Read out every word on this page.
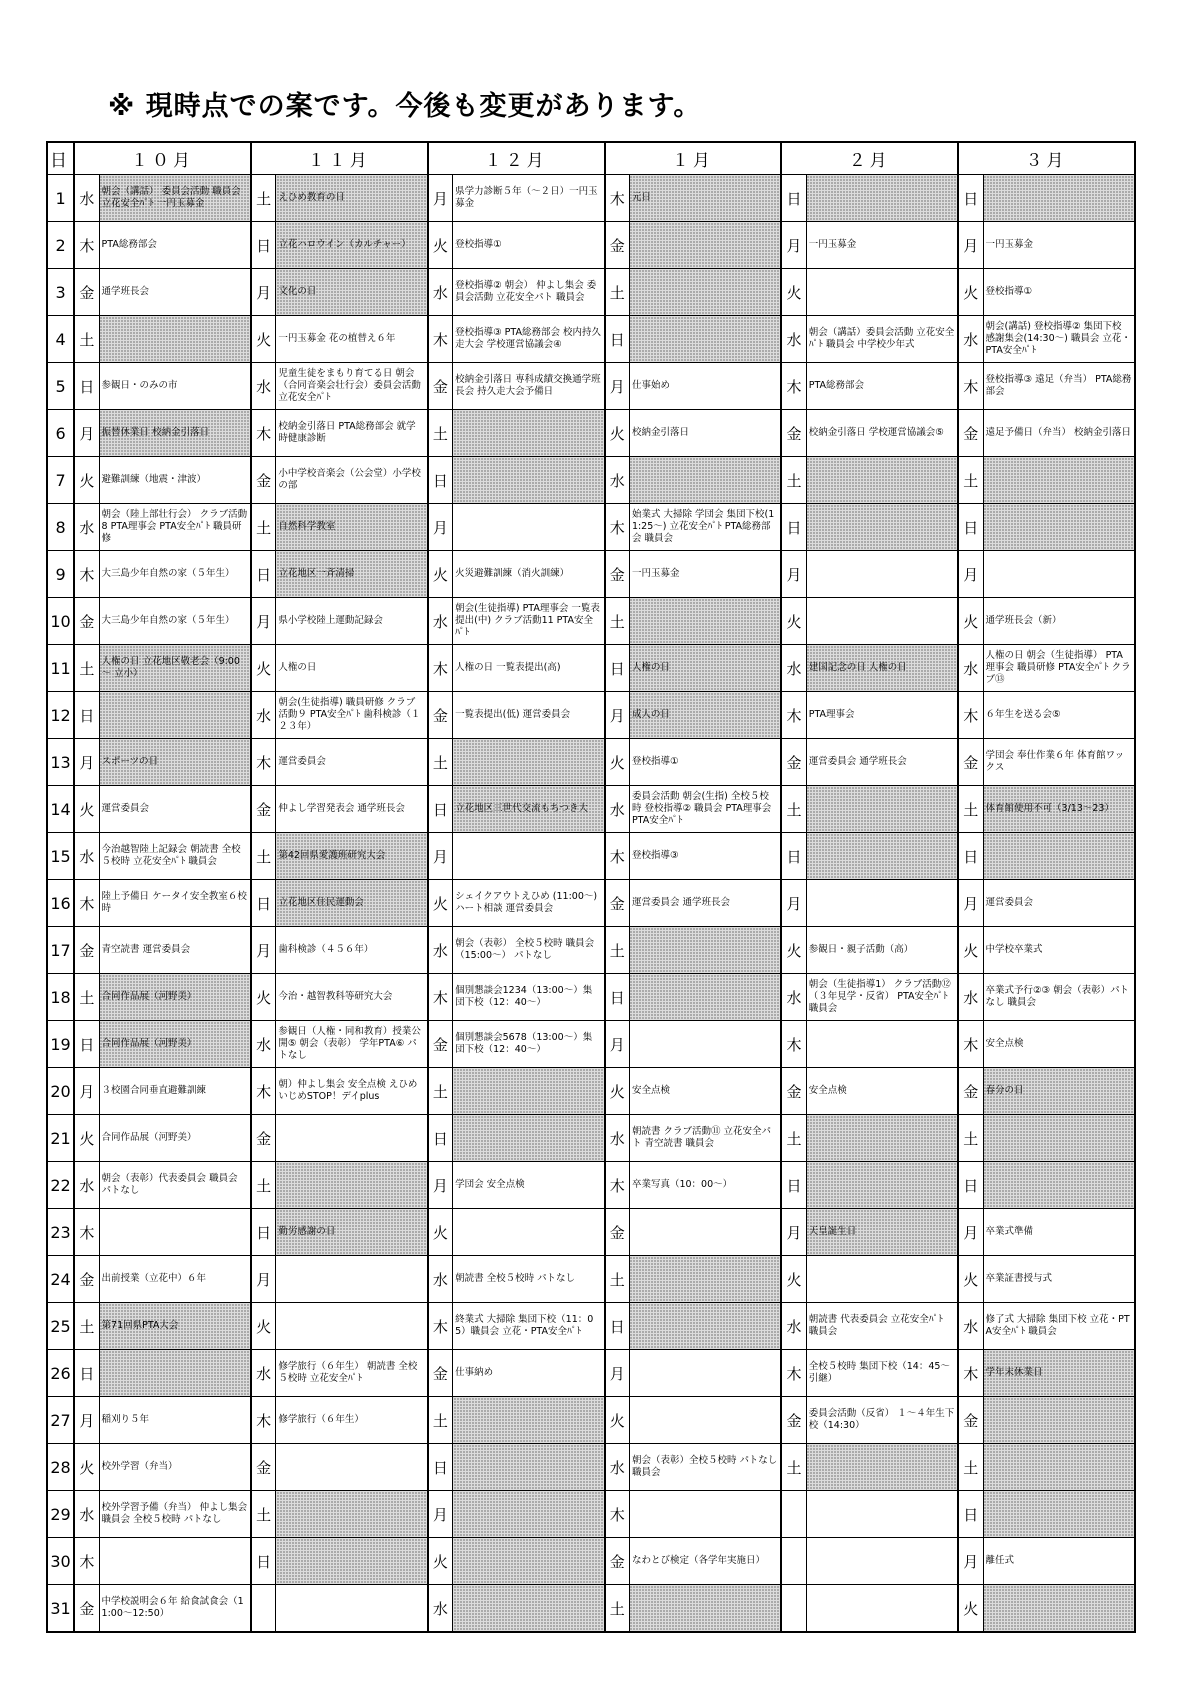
※ 現時点での案です。今後も変更があります。
日	１０月		１１月		１２月		１月		２月		３月	
1	水	朝会（講話） 委員会活動 職員会 立花安全ﾊﾟﾄ 一円玉募金	土	えひめ教育の日	月	県学力診断５年（～２日）一円玉募金	木	元日	日		日	
2	木	PTA総務部会	日	立花ハロウイン（カルチャー）	火	登校指導①	金		月	一円玉募金	月	一円玉募金
3	金	通学班長会	月	文化の日	水	登校指導② 朝会） 仲よし集会 委員会活動 立花安全パト 職員会	土		火		火	登校指導①
4	土		火	一円玉募金 花の植替え６年	木	登校指導③ PTA総務部会 校内持久走大会 学校運営協議会④	日		水	朝会（講話）委員会活動 立花安全ﾊﾟﾄ 職員会 中学校少年式	水	朝会(講話) 登校指導② 集団下校 感謝集会(14:30～) 職員会 立花・PTA安全ﾊﾟﾄ
5	日	参観日・のみの市	水	児童生徒をまもり育てる日 朝会（合同音楽会壮行会）委員会活動 立花安全ﾊﾟﾄ	金	校納金引落日 専科成績交換通学班長会 持久走大会予備日	月	仕事始め	木	PTA総務部会	木	登校指導③ 遠足（弁当） PTA総務部会
6	月	振替休業日 校納金引落日	木	校納金引落日 PTA総務部会 就学時健康診断	土		火	校納金引落日	金	校納金引落日 学校運営協議会⑤	金	遠足予備日（弁当） 校納金引落日
7	火	避難訓練（地震・津波）	金	小中学校音楽会（公会堂）小学校の部	日		水		土		土	
8	水	朝会（陸上部壮行会） クラブ活動8 PTA理事会 PTA安全ﾊﾟﾄ 職員研修	土	自然科学教室	月		木	始業式 大掃除 学団会 集団下校(11:25～) 立花安全ﾊﾟﾄ PTA総務部会 職員会	日		日	
9	木	大三島少年自然の家（５年生）	日	立花地区一斉清掃	火	火災避難訓練（消火訓練）	金	一円玉募金	月		月	
10	金	大三島少年自然の家（５年生）	月	県小学校陸上運動記録会	水	朝会(生徒指導) PTA理事会 一覧表提出(中) クラブ活動11 PTA安全ﾊﾟﾄ	土		火		火	通学班長会（新）
11	土	人権の日 立花地区敬老会（9:00～ 立小）	火	人権の日	木	人権の日 一覧表提出(高)	日	人権の日	水	建国記念の日 人権の日	水	人権の日 朝会（生徒指導） PTA理事会 職員研修 PTA安全ﾊﾟﾄ クラブ⑬
12	日		水	朝会(生徒指導) 職員研修 クラブ活動９ PTA安全ﾊﾟﾄ 歯科検診（１２３年）	金	一覧表提出(低) 運営委員会	月	成人の日	木	PTA理事会	木	６年生を送る会⑤
13	月	スポーツの日	木	運営委員会	土		火	登校指導①	金	運営委員会 通学班長会	金	学団会 奉仕作業６年 体育館ワックス
14	火	運営委員会	金	仲よし学習発表会 通学班長会	日	立花地区三世代交流もちつき大	水	委員会活動 朝会(生指) 全校５校時 登校指導② 職員会 PTA理事会 PTA安全ﾊﾟﾄ	土		土	体育館使用不可（3/13～23）
15	水	今治越智陸上記録会 朝読書 全校５校時 立花安全ﾊﾟﾄ 職員会	土	第42回県愛護班研究大会	月		木	登校指導③	日		日	
16	木	陸上予備日 ケータイ安全教室６校時	日	立花地区住民運動会	火	シェイクアウトえひめ (11:00～) ハート相談 運営委員会	金	運営委員会 通学班長会	月		月	運営委員会
17	金	青空読書 運営委員会	月	歯科検診（４５６年）	水	朝会（表彰） 全校５校時 職員会（15:00～） パトなし	土		火	参観日・親子活動（高）	火	中学校卒業式
18	土	合同作品展（河野美）	火	今治・越智教科等研究大会	木	個別懇談会1234（13:00～）集団下校（12：40～）	日		水	朝会（生徒指導1） クラブ活動⑫（３年見学・反省） PTA安全ﾊﾟﾄ 職員会	水	卒業式予行②③ 朝会（表彰）パトなし 職員会
19	日	合同作品展（河野美）	水	参観日（人権・同和教育）授業公開⑤ 朝会（表彰） 学年PTA⑥ パトなし	金	個別懇談会5678（13:00～）集団下校（12：40～）	月		木		木	安全点検
20	月	３校園合同垂直避難訓練	木	朝）仲よし集会 安全点検 えひめいじめSTOP！デイplus	土		火	安全点検	金	安全点検	金	春分の日
21	火	合同作品展（河野美）	金		日		水	朝読書 クラブ活動⑪ 立花安全パト 青空読書 職員会	土		土	
22	水	朝会（表彰）代表委員会 職員会 パトなし	土		月	学団会 安全点検	木	卒業写真（10：00～）	日		日	
23	木		日	勤労感謝の日	火		金		月	天皇誕生日	月	卒業式準備
24	金	出前授業（立花中）６年	月		水	朝読書 全校５校時 パトなし	土		火		火	卒業証書授与式
25	土	第71回県PTA大会	火		木	終業式 大掃除 集団下校（11：05）職員会 立花・PTA安全ﾊﾟﾄ	日		水	朝読書 代表委員会 立花安全ﾊﾟﾄ 職員会	水	修了式 大掃除 集団下校 立花・PTA安全ﾊﾟﾄ 職員会
26	日		水	修学旅行（６年生） 朝読書 全校５校時 立花安全ﾊﾟﾄ	金	仕事納め	月		木	全校５校時 集団下校（14：45～ 引継）	木	学年末休業日
27	月	稲刈り５年	木	修学旅行（６年生）	土		火		金	委員会活動（反省） １～４年生下校（14:30）	金	
28	火	校外学習（弁当）	金		日		水	朝会（表彰）全校５校時 パトなし 職員会	土		土	
29	水	校外学習予備（弁当） 仲よし集会 職員会 全校５校時 パトなし	土		月		木				日	
30	木		日		火		金	なわとび検定（各学年実施日）			月	離任式
31	金	中学校説明会６年 給食試食会（11:00～12:50）			水		土				火	
